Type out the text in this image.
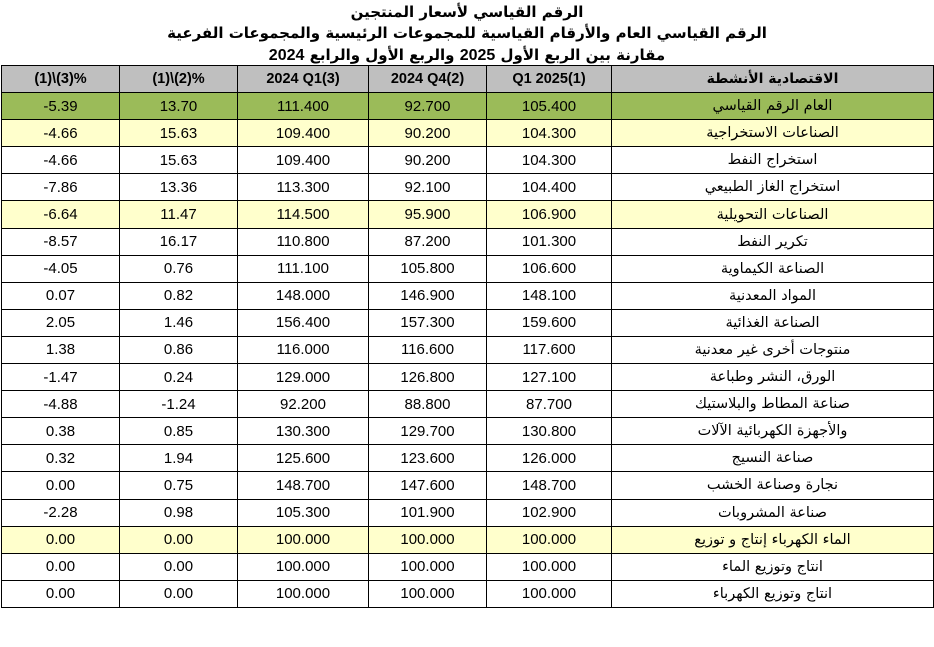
الرقم القياسي لأسعار المنتجين
الرقم القياسي العام والأرقام القياسية للمجموعات الرئيسية والمجموعات الفرعية
مقارنة بين الربع الأول 2025 والربع الأول والرابع 2024
(1)\(3)%	(1)\(2)%	2024 Q1(3)	2024 Q4(2)	Q1 2025(1)	الاقتصادية الأنشطة
-5.39	13.70	111.400	92.700	105.400	العام الرقم القياسي
-4.66	15.63	109.400	90.200	104.300	الصناعات الاستخراجية
-4.66	15.63	109.400	90.200	104.300	استخراج النفط
-7.86	13.36	113.300	92.100	104.400	استخراج الغاز الطبيعي
-6.64	11.47	114.500	95.900	106.900	الصناعات التحويلية
-8.57	16.17	110.800	87.200	101.300	تكرير النفط
-4.05	0.76	111.100	105.800	106.600	الصناعة الكيماوية
0.07	0.82	148.000	146.900	148.100	المواد المعدنية
2.05	1.46	156.400	157.300	159.600	الصناعة الغذائية
1.38	0.86	116.000	116.600	117.600	منتوجات أخرى غير معدنية
-1.47	0.24	129.000	126.800	127.100	الورق، النشر وطباعة
-4.88	-1.24	92.200	88.800	87.700	صناعة المطاط والبلاستيك
0.38	0.85	130.300	129.700	130.800	والأجهزة الكهربائية الآلات
0.32	1.94	125.600	123.600	126.000	صناعة النسيج
0.00	0.75	148.700	147.600	148.700	نجارة وصناعة الخشب
-2.28	0.98	105.300	101.900	102.900	صناعة المشروبات
0.00	0.00	100.000	100.000	100.000	الماء الكهرباء إنتاج و توزيع
0.00	0.00	100.000	100.000	100.000	انتاج وتوزيع الماء
0.00	0.00	100.000	100.000	100.000	انتاج وتوزيع الكهرباء
